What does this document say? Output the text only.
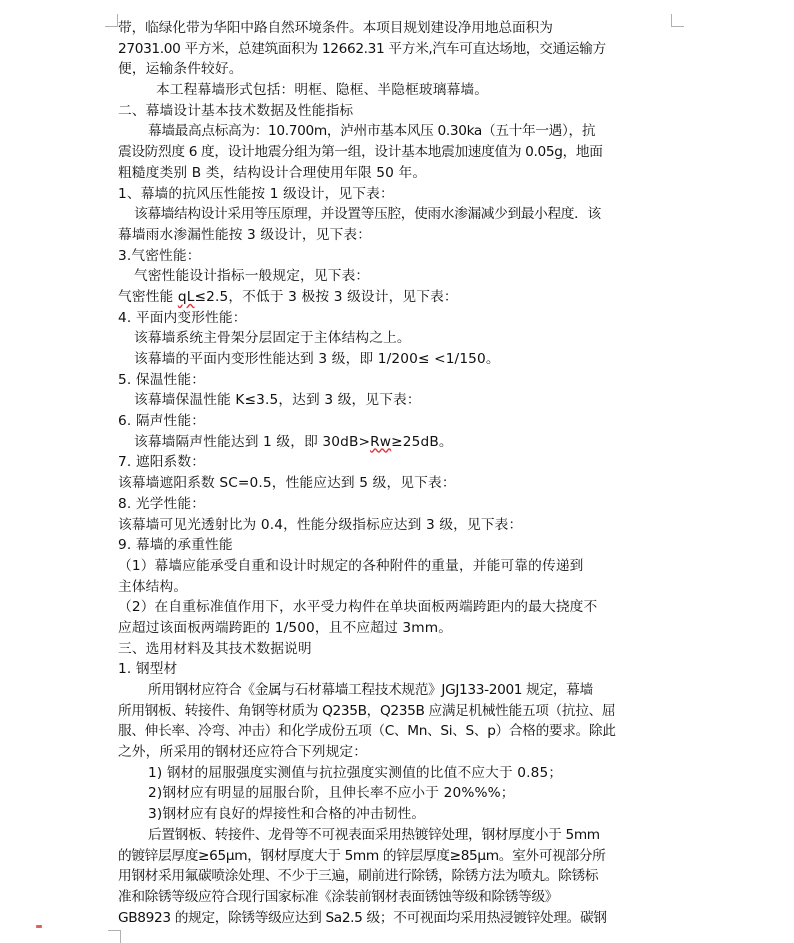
带，临绿化带为华阳中路自然环境条件。本项目规划建设净用地总面积为
27031.00 平方米，总建筑面积为 12662.31 平方米,汽车可直达场地，交通运输方
便，运输条件较好。
本工程幕墙形式包括：明框、隐框、半隐框玻璃幕墙。
二、幕墙设计基本技术数据及性能指标
幕墙最高点标高为：10.700m，泸州市基本风压 0.30ka（五十年一遇），抗
震设防烈度 6 度，设计地震分组为第一组，设计基本地震加速度值为 0.05g，地面
粗糙度类别 B 类，结构设计合理使用年限 50 年。
1、幕墙的抗风压性能按 1 级设计，见下表：
该幕墙结构设计采用等压原理，并设置等压腔，使雨水渗漏减少到最小程度．该
幕墙雨水渗漏性能按 3 级设计，见下表：
3.气密性能：
气密性能设计指标一般规定，见下表：
气密性能 qL≤2.5，不低于 3 极按 3 级设计，见下表：
4. 平面内变形性能：
该幕墙系统主骨架分层固定于主体结构之上。
该幕墙的平面内变形性能达到 3 级，即 1/200≤ <1/150。
5. 保温性能：
该幕墙保温性能 K≤3.5，达到 3 级，见下表：
6. 隔声性能：
该幕墙隔声性能达到 1 级，即 30dB>Rw≥25dB。
7. 遮阳系数：
该幕墙遮阳系数 SC=0.5，性能应达到 5 级，见下表：
8. 光学性能：
该幕墙可见光透射比为 0.4，性能分级指标应达到 3 级，见下表：
9. 幕墙的承重性能
（1）幕墙应能承受自重和设计时规定的各种附件的重量，并能可靠的传递到
主体结构。
（2）在自重标准值作用下，水平受力构件在单块面板两端跨距内的最大挠度不
应超过该面板两端跨距的 1/500，且不应超过 3mm。
三、选用材料及其技术数据说明
1. 钢型材
所用钢材应符合《金属与石材幕墙工程技术规范》JGJ133-2001 规定，幕墙
所用钢板、转接件、角钢等材质为 Q235B，Q235B 应满足机械性能五项（抗拉、屈
服、伸长率、冷弯、冲击）和化学成份五项（C、Mn、Si、S、p）合格的要求。除此
之外，所采用的钢材还应符合下列规定：
1) 钢材的屈服强度实测值与抗拉强度实测值的比值不应大于 0.85；
2)钢材应有明显的屈服台阶，且伸长率不应小于 20%%%；
3)钢材应有良好的焊接性和合格的冲击韧性。
后置钢板、转接件、龙骨等不可视表面采用热镀锌处理，钢材厚度小于 5mm
的镀锌层厚度≥65μm，钢材厚度大于 5mm 的锌层厚度≥85μm。室外可视部分所
用钢材采用氟碳喷涂处理、不少于三遍，刷前进行除锈，除锈方法为喷丸。除锈标
准和除锈等级应符合现行国家标准《涂装前钢材表面锈蚀等级和除锈等级》
GB8923 的规定，除锈等级应达到 Sa2.5 级；不可视面均采用热浸镀锌处理。碳钢
